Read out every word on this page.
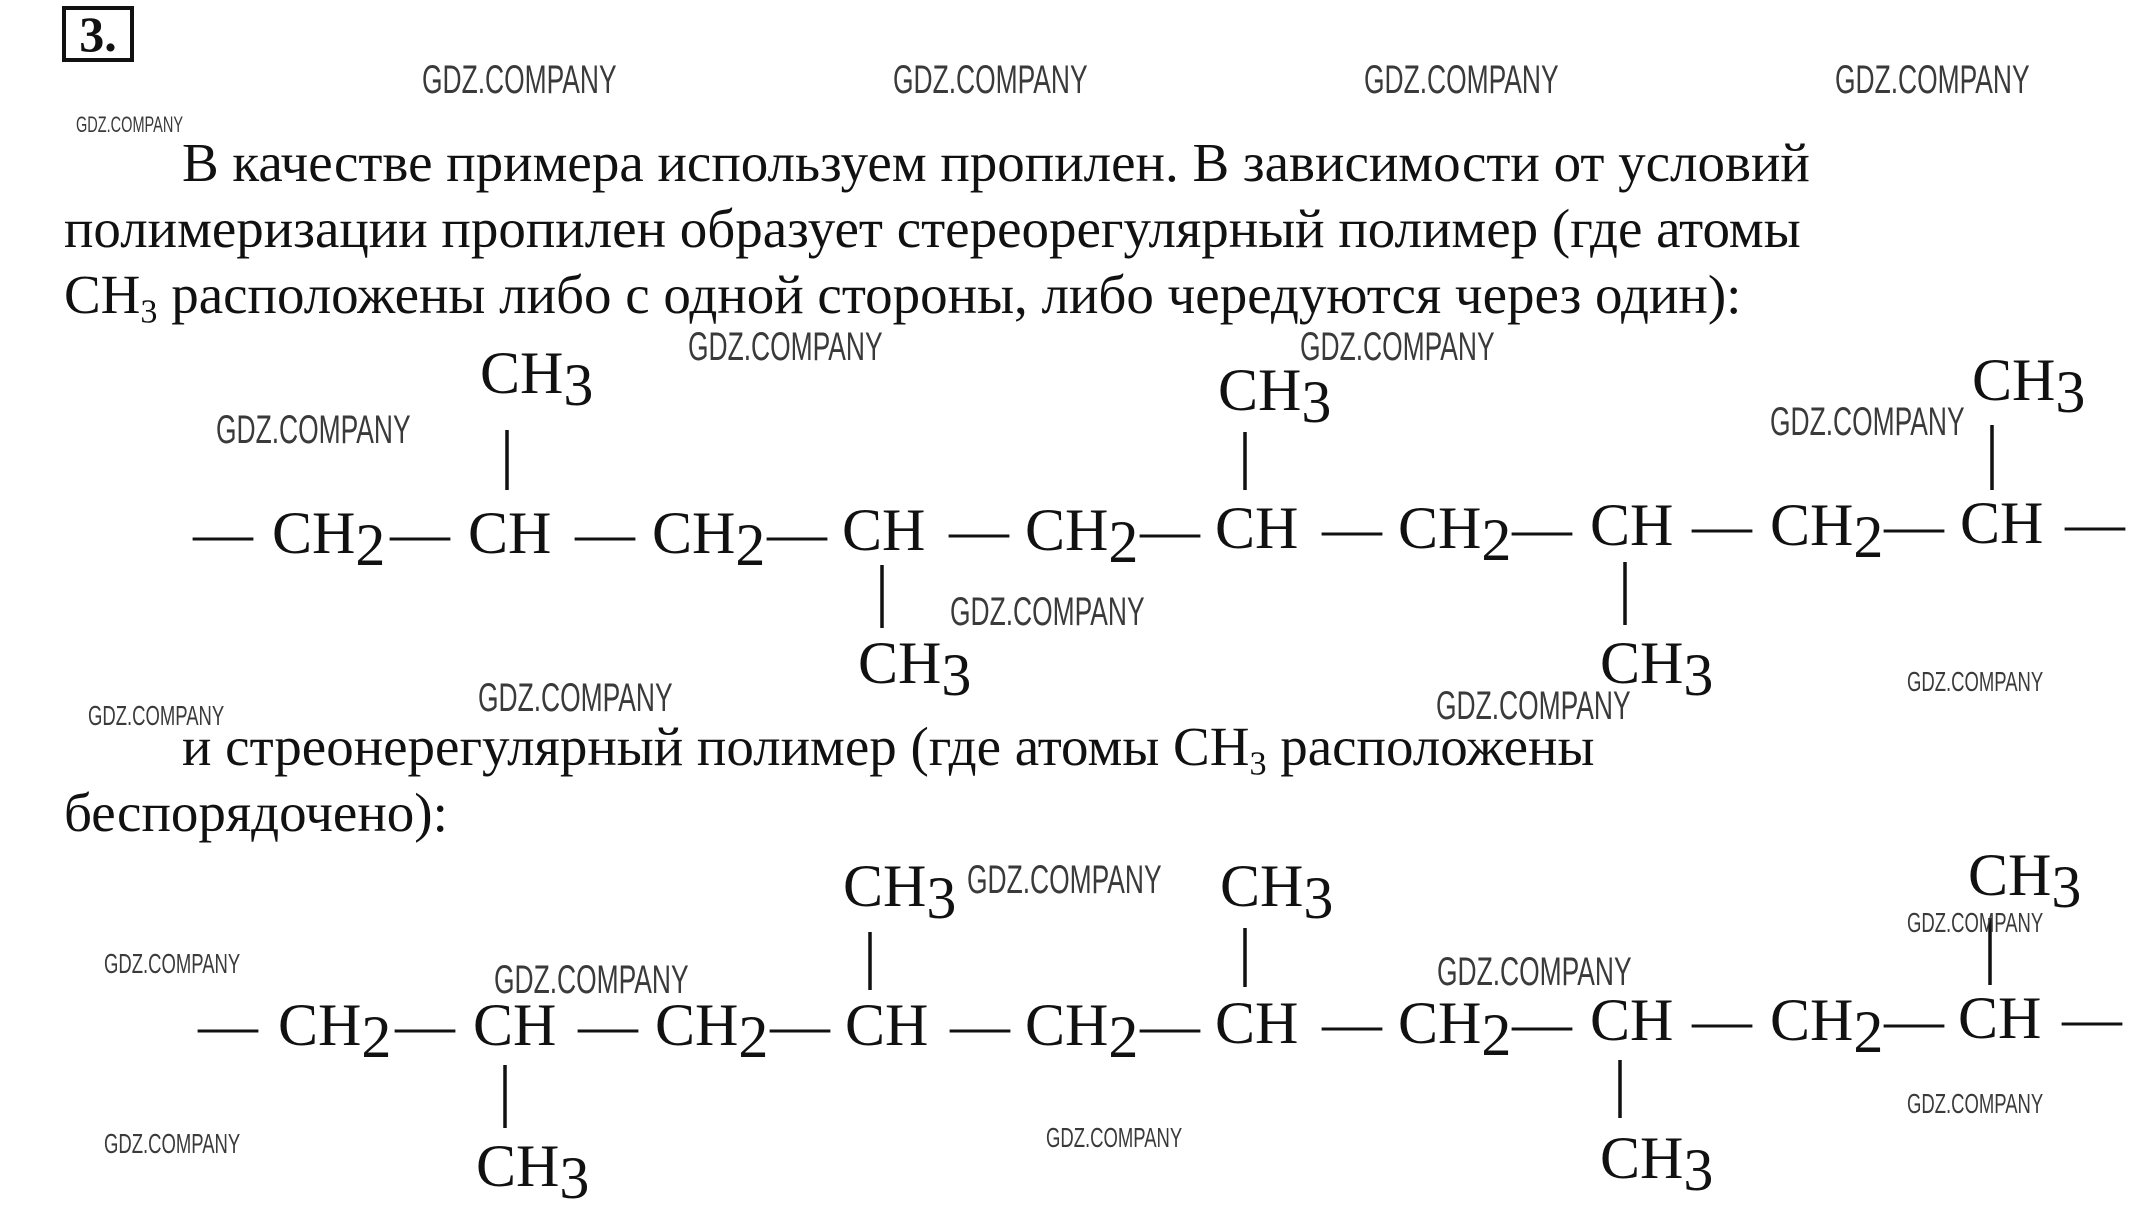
3.

В качестве примера используем пропилен. В зависимости от условий
полимеризации пропилен образует стереорегулярный полимер (где атомы
$CH_3$ расположены либо с одной стороны, либо чередуются через один):

и стреонерегулярный полимер (где атомы $CH_3$ расположены
беспорядочено):

— CH2 — CH — CH2 — CH — CH2 — CH — CH2 — CH — CH2 — CH —
CH3
CH3
CH3
CH3
CH3
— CH2 — CH — CH2 — CH — CH2 — CH — CH2 — CH — CH2 — CH —
CH3
CH3	CH3
CH3
CH3
GDZ.COMPANY	GDZ.COMPANY	GDZ.COMPANY	GDZ.COMPANY
GDZ.COMPANY
GDZ.COMPANY	GDZ.COMPANY
GDZ.COMPANY	GDZ.COMPANY
GDZ.COMPANY
GDZ.COMPANY	GDZ.COMPANY
GDZ.COMPANY
GDZ.COMPANY
GDZ.COMPANY
GDZ.COMPANY	GDZ.COMPANY	GDZ.COMPANY
GDZ.COMPANY
GDZ.COMPANY	GDZ.COMPANY
GDZ.COMPANY
